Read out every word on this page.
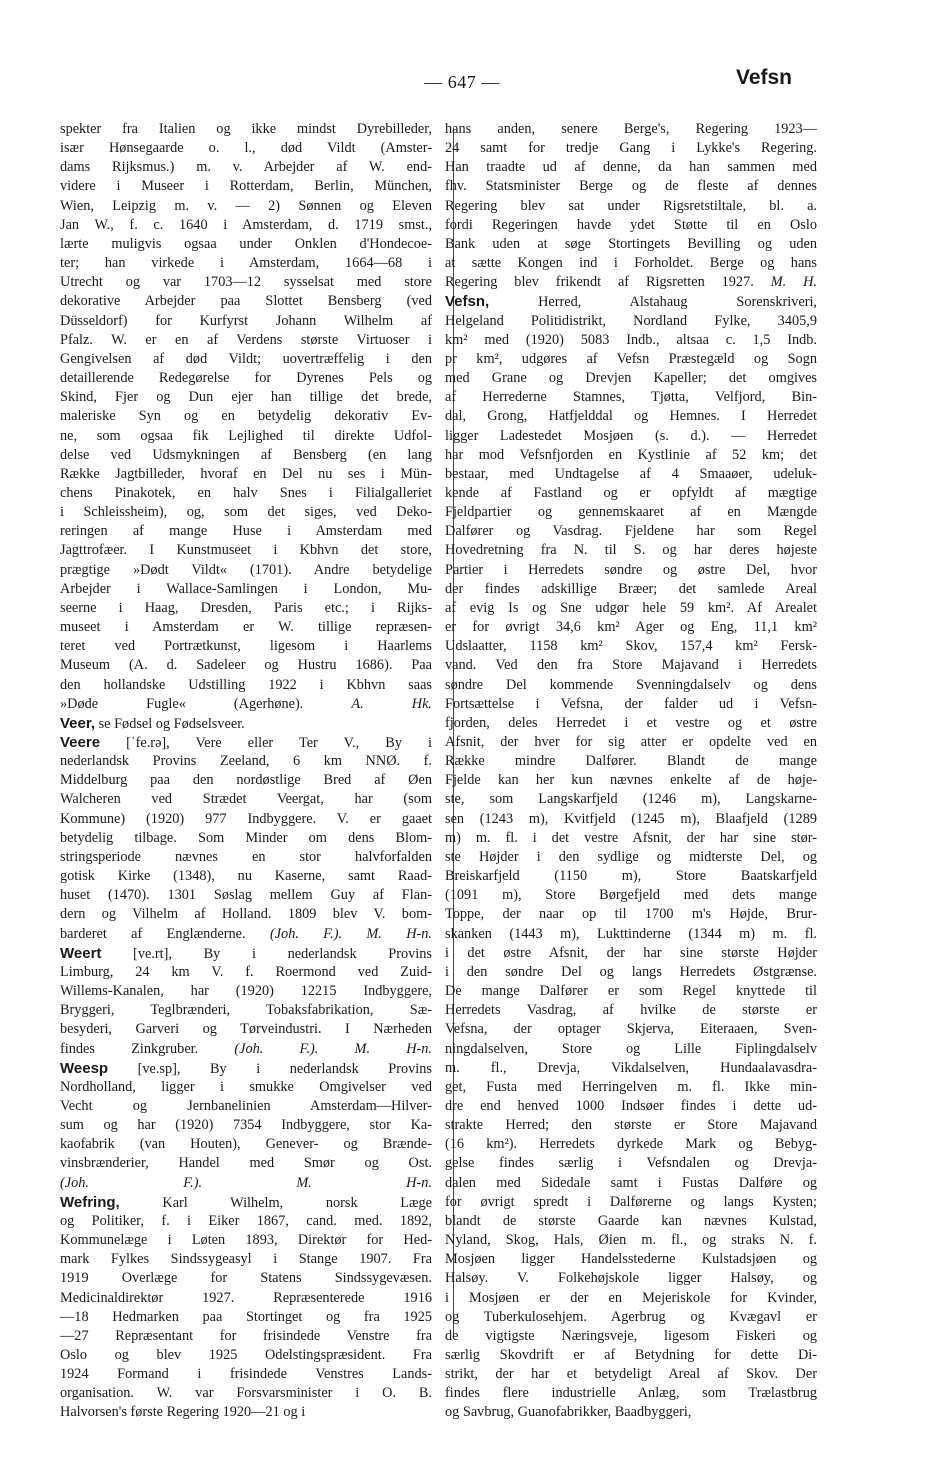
— 647 —	Vefsn
spekter fra Italien og ikke mindst Dyrebilleder,
især Hønsegaarde o. l., død Vildt (Amster-
dams Rijksmus.) m. v. Arbejder af W. end-
videre i Museer i Rotterdam, Berlin, München,
Wien, Leipzig m. v. — 2) Sønnen og Eleven
Jan W., f. c. 1640 i Amsterdam, d. 1719 smst.,
lærte muligvis ogsaa under Onklen d'Hondecoe-
ter; han virkede i Amsterdam, 1664—68 i
Utrecht og var 1703—12 sysselsat med store
dekorative Arbejder paa Slottet Bensberg (ved
Düsseldorf) for Kurfyrst Johann Wilhelm af
Pfalz. W. er en af Verdens største Virtuoser i
Gengivelsen af død Vildt; uovertræffelig i den
detaillerende Redegørelse for Dyrenes Pels og
Skind, Fjer og Dun ejer han tillige det brede,
maleriske Syn og en betydelig dekorativ Ev-
ne, som ogsaa fik Lejlighed til direkte Udfol-
delse ved Udsmykningen af Bensberg (en lang
Række Jagtbilleder, hvoraf en Del nu ses i Mün-
chens Pinakotek, en halv Snes i Filialgalleriet
i Schleissheim), og, som det siges, ved Deko-
reringen af mange Huse i Amsterdam med
Jagttrofæer. I Kunstmuseet i Kbhvn det store,
prægtige »Dødt Vildt« (1701). Andre betydelige
Arbejder i Wallace-Samlingen i London, Mu-
seerne i Haag, Dresden, Paris etc.; i Rijks-
museet i Amsterdam er W. tillige repræsen-
teret ved Portrætkunst, ligesom i Haarlems
Museum (A. d. Sadeleer og Hustru 1686). Paa
den hollandske Udstilling 1922 i Kbhvn saas
»Døde Fugle« (Agerhøne).	A. Hk.
Veer, se Fødsel og Fødselsveer.
Veere [ˈfe.rə], Vere eller Ter V., By i
nederlandsk Provins Zeeland, 6 km NNØ. f.
Middelburg paa den nordøstlige Bred af Øen
Walcheren ved Strædet Veergat, har (som
Kommune) (1920) 977 Indbyggere. V. er gaaet
betydelig tilbage. Som Minder om dens Blom-
stringsperiode nævnes en stor halvforfalden
gotisk Kirke (1348), nu Kaserne, samt Raad-
huset (1470). 1301 Søslag mellem Guy af Flan-
dern og Vilhelm af Holland. 1809 blev V. bom-
barderet af Englænderne. (Joh. F.). M. H-n.
Weert [ve.rt], By i nederlandsk Provins
Limburg, 24 km V. f. Roermond ved Zuid-
Willems-Kanalen, har (1920) 12215 Indbyggere,
Bryggeri, Teglbrænderi, Tobaksfabrikation, Sæ-
besyderi, Garveri og Tørveindustri. I Nærheden
findes Zinkgruber.	(Joh. F.). M. H-n.
Weesp [ve.sp], By i nederlandsk Provins
Nordholland, ligger i smukke Omgivelser ved
Vecht og Jernbanelinien Amsterdam—Hilver-
sum og har (1920) 7354 Indbyggere, stor Ka-
kaofabrik (van Houten), Genever- og Brænde-
vinsbrænderier, Handel med Smør og Ost.
(Joh. F.). M. H-n.
Wefring, Karl Wilhelm, norsk Læge
og Politiker, f. i Eiker 1867, cand. med. 1892,
Kommunelæge i Løten 1893, Direktør for Hed-
mark Fylkes Sindssygeasyl i Stange 1907. Fra
1919 Overlæge for Statens Sindssygevæsen.
Medicinaldirektør 1927. Repræsenterede 1916
—18 Hedmarken paa Stortinget og fra 1925
—27 Repræsentant for frisindede Venstre fra
Oslo og blev 1925 Odelstingspræsident. Fra
1924 Formand i frisindede Venstres Lands-
organisation. W. var Forsvarsminister i O. B.
Halvorsen's første Regering 1920—21 og i
hans anden, senere Berge's, Regering 1923—
24 samt for tredje Gang i Lykke's Regering.
Han traadte ud af denne, da han sammen med
fhv. Statsminister Berge og de fleste af dennes
Regering blev sat under Rigsretstiltale, bl. a.
fordi Regeringen havde ydet Støtte til en Oslo
Bank uden at søge Stortingets Bevilling og uden
at sætte Kongen ind i Forholdet. Berge og hans
Regering blev frikendt af Rigsretten 1927. M. H.
Vefsn, Herred, Alstahaug Sorenskriveri,
Helgeland Politidistrikt, Nordland Fylke, 3405,9
km² med (1920) 5083 Indb., altsaa c. 1,5 Indb.
pr km², udgøres af Vefsn Præstegæld og Sogn
med Grane og Drevjen Kapeller; det omgives
af Herrederne Stamnes, Tjøtta, Velfjord, Bin-
dal, Grong, Hatfjelddal og Hemnes. I Herredet
ligger Ladestedet Mosjøen (s. d.). — Herredet
har mod Vefsnfjorden en Kystlinie af 52 km; det
bestaar, med Undtagelse af 4 Smaaøer, udeluk-
kende af Fastland og er opfyldt af mægtige
Fjeldpartier og gennemskaaret af en Mængde
Dalfører og Vasdrag. Fjeldene har som Regel
Hovedretning fra N. til S. og har deres højeste
Partier i Herredets søndre og østre Del, hvor
der findes adskillige Bræer; det samlede Areal
af evig Is og Sne udgør hele 59 km². Af Arealet
er for øvrigt 34,6 km² Ager og Eng, 11,1 km²
Udslaatter, 1158 km² Skov, 157,4 km² Fersk-
vand. Ved den fra Store Majavand i Herredets
søndre Del kommende Svenningdalselv og dens
Fortsættelse i Vefsna, der falder ud i Vefsn-
fjorden, deles Herredet i et vestre og et østre
Afsnit, der hver for sig atter er opdelte ved en
Række mindre Dalfører. Blandt de mange
Fjelde kan her kun nævnes enkelte af de høje-
ste, som Langskarfjeld (1246 m), Langskarne-
sen (1243 m), Kvitfjeld (1245 m), Blaafjeld (1289
m) m. fl. i det vestre Afsnit, der har sine stør-
ste Højder i den sydlige og midterste Del, og
Breiskarfjeld (1150 m), Store Baatskarfjeld
(1091 m), Store Børgefjeld med dets mange
Toppe, der naar op til 1700 m's Højde, Brur-
skanken (1443 m), Lukttinderne (1344 m) m. fl.
i det østre Afsnit, der har sine største Højder
i den søndre Del og langs Herredets Østgrænse.
De mange Dalfører er som Regel knyttede til
Herredets Vasdrag, af hvilke de største er
Vefsna, der optager Skjerva, Eiteraaen, Sven-
ningdalselven, Store og Lille Fiplingdalselv
m. fl., Drevja, Vikdalselven, Hundaalavasdra-
get, Fusta med Herringelven m. fl. Ikke min-
dre end henved 1000 Indsøer findes i dette ud-
strakte Herred; den største er Store Majavand
(16 km²). Herredets dyrkede Mark og Bebyg-
gelse findes særlig i Vefsndalen og Drevja-
dalen med Sidedale samt i Fustas Dalføre og
for øvrigt spredt i Dalførerne og langs Kysten;
blandt de største Gaarde kan nævnes Kulstad,
Nyland, Skog, Hals, Øien m. fl., og straks N. f.
Mosjøen ligger Handelsstederne Kulstadsjøen og
Halsøy. V. Folkehøjskole ligger Halsøy, og
i Mosjøen er der en Mejeriskole for Kvinder,
og Tuberkulosehjem. Agerbrug og Kvægavl er
de vigtigste Næringsveje, ligesom Fiskeri og
særlig Skovdrift er af Betydning for dette Di-
strikt, der har et betydeligt Areal af Skov. Der
findes flere industrielle Anlæg, som Trælastbrug
og Savbrug, Guanofabrikker, Baadbyggeri,
